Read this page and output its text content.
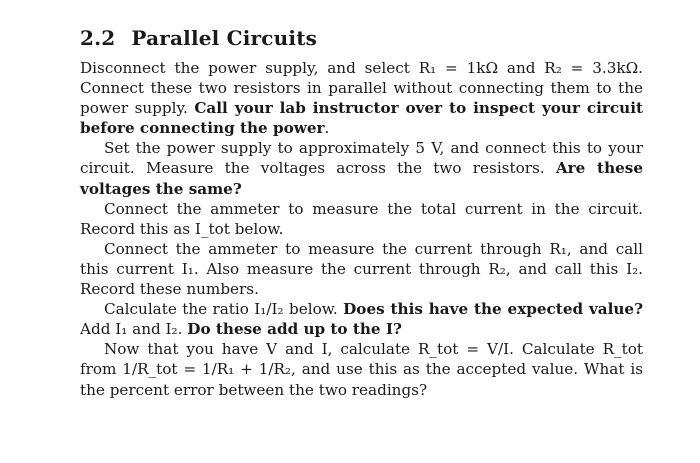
2.2 Parallel Circuits

Disconnect the power supply, and select R₁ = 1kΩ and R₂ = 3.3kΩ. Connect these two resistors in parallel without connecting them to the power supply. Call your lab instructor over to inspect your circuit before connecting the power.

Set the power supply to approximately 5 V, and connect this to your circuit. Measure the voltages across the two resistors. Are these voltages the same?

Connect the ammeter to measure the total current in the circuit. Record this as I_tot below.

Connect the ammeter to measure the current through R₁, and call this current I₁. Also measure the current through R₂, and call this I₂. Record these numbers.

Calculate the ratio I₁/I₂ below. Does this have the expected value? Add I₁ and I₂. Do these add up to the I?

Now that you have V and I, calculate R_tot = V/I. Calculate R_tot from 1/R_tot = 1/R₁ + 1/R₂, and use this as the accepted value. What is the percent error between the two readings?
